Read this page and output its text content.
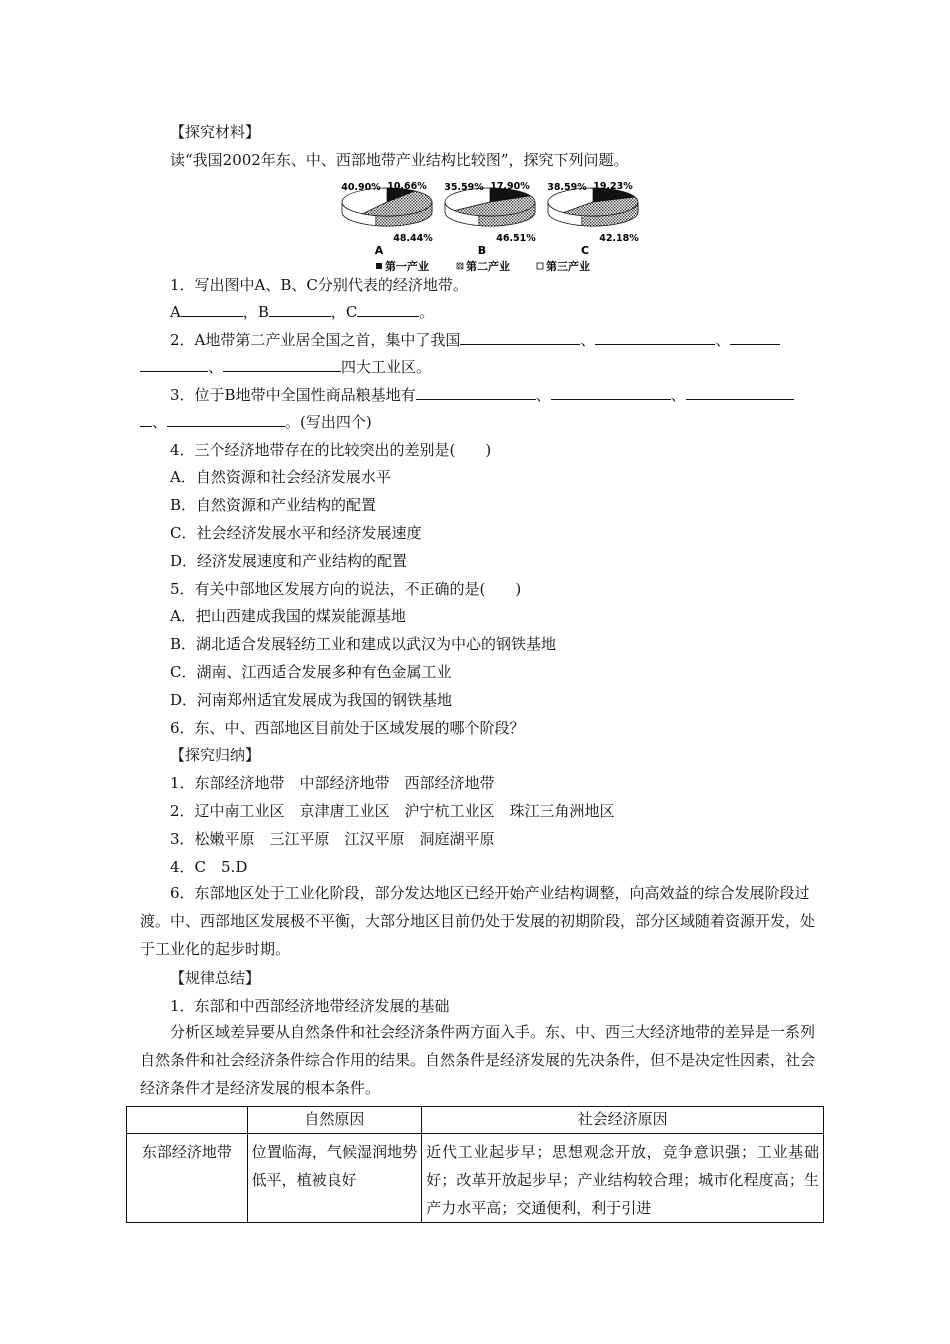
【探究材料】
读“我国2002年东、中、西部地带产业结构比较图”，探究下列问题。
40.90% 10.66%
48.44%
A
35.59% 17.90%
46.51%
B
38.59% 19.23%
42.18%
C
第一产业	第二产业	第三产业
1．写出图中A、B、C分别代表的经济地带。
A	，B	，C	。
2．A地带第二产业居全国之首，集中了我国	、	、
、	四大工业区。
3．位于B地带中全国性商品粮基地有	、	、
、	。(写出四个)
4．三个经济地带存在的比较突出的差别是(　　)
A．自然资源和社会经济发展水平
B．自然资源和产业结构的配置
C．社会经济发展水平和经济发展速度
D．经济发展速度和产业结构的配置
5．有关中部地区发展方向的说法，不正确的是(　　)
A．把山西建成我国的煤炭能源基地
B．湖北适合发展轻纺工业和建成以武汉为中心的钢铁基地
C．湖南、江西适合发展多种有色金属工业
D．河南郑州适宜发展成为我国的钢铁基地
6．东、中、西部地区目前处于区域发展的哪个阶段？
【探究归纳】
1．东部经济地带　中部经济地带　西部经济地带
2．辽中南工业区　京津唐工业区　沪宁杭工业区　珠江三角洲地区
3．松嫩平原　三江平原　江汉平原　洞庭湖平原
4．C　5.D
6．东部地区处于工业化阶段，部分发达地区已经开始产业结构调整，向高效益的综合发展阶段过渡。中、西部地区发展极不平衡，大部分地区目前仍处于发展的初期阶段，部分区域随着资源开发，处于工业化的起步时期。
【规律总结】
1．东部和中西部经济地带经济发展的基础
分析区域差异要从自然条件和社会经济条件两方面入手。东、中、西三大经济地带的差异是一系列自然条件和社会经济条件综合作用的结果。自然条件是经济发展的先决条件，但不是决定性因素，社会经济条件才是经济发展的根本条件。
	自然原因	社会经济原因
东部经济地带	位置临海，气候湿润地势低平，植被良好	近代工业起步早；思想观念开放，竞争意识强；工业基础好；改革开放起步早；产业结构较合理；城市化程度高；生产力水平高；交通便利，利于引进
